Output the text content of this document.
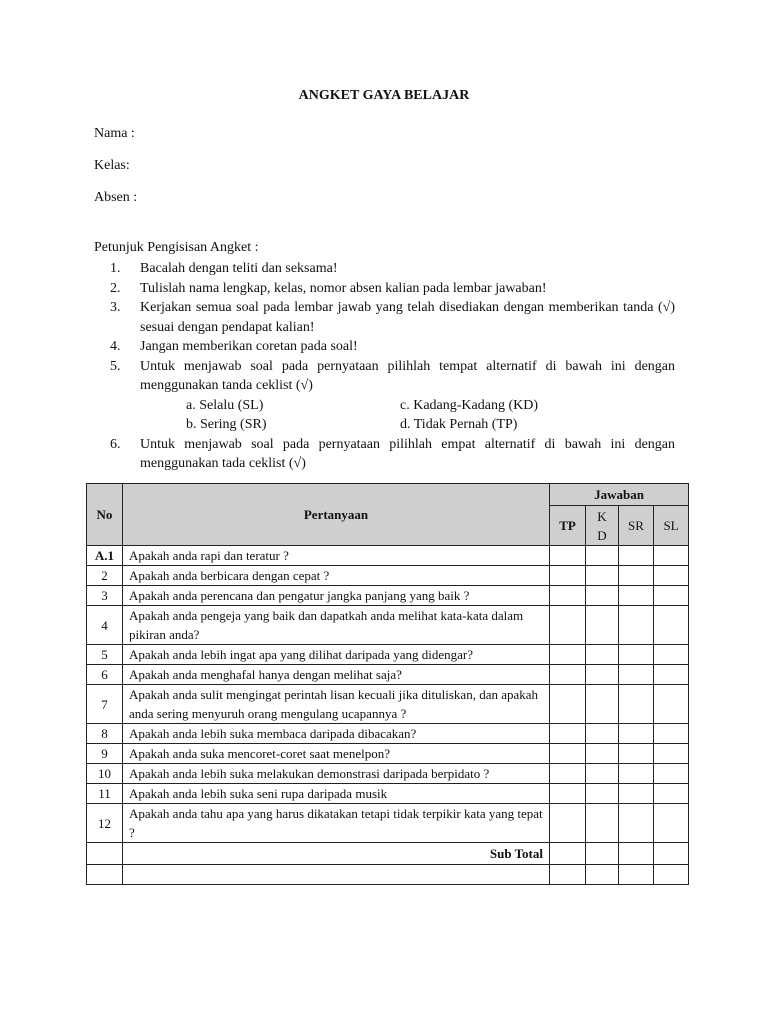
ANGKET GAYA BELAJAR
Nama :
Kelas:
Absen :
Petunjuk Pengisisan Angket :
1. Bacalah dengan teliti dan seksama!
2. Tulislah nama lengkap, kelas, nomor absen kalian pada lembar jawaban!
3. Kerjakan semua soal pada lembar jawab yang telah disediakan dengan memberikan tanda (√) sesuai dengan pendapat kalian!
4. Jangan memberikan coretan pada soal!
5. Untuk menjawab soal pada pernyataan pilihlah tempat alternatif di bawah ini dengan menggunakan tanda ceklist (√)
a. Selalu (SL)	c. Kadang-Kadang (KD)
b. Sering (SR)	d. Tidak Pernah (TP)
6. Untuk menjawab soal pada pernyataan pilihlah empat alternatif di bawah ini dengan menggunakan tada ceklist (√)
No	Pertanyaan	Jawaban			
		TP	K D	SR	SL
A.1	Apakah anda rapi dan teratur ?				
2	Apakah anda berbicara dengan cepat ?				
3	Apakah anda perencana dan pengatur jangka panjang yang baik ?				
4	Apakah anda pengeja yang baik dan dapatkah anda melihat kata-kata dalam pikiran anda?				
5	Apakah anda lebih ingat apa yang dilihat daripada yang didengar?				
6	Apakah anda menghafal hanya dengan melihat saja?				
7	Apakah anda sulit mengingat perintah lisan kecuali jika dituliskan, dan apakah anda sering menyuruh orang mengulang ucapannya ?				
8	Apakah anda lebih suka membaca daripada dibacakan?				
9	Apakah anda suka mencoret-coret saat menelpon?				
10	Apakah anda lebih suka melakukan demonstrasi daripada berpidato ?				
11	Apakah anda lebih suka seni rupa daripada musik				
12	Apakah anda tahu apa yang harus dikatakan tetapi tidak terpikir kata yang tepat ?				
	Sub Total				
